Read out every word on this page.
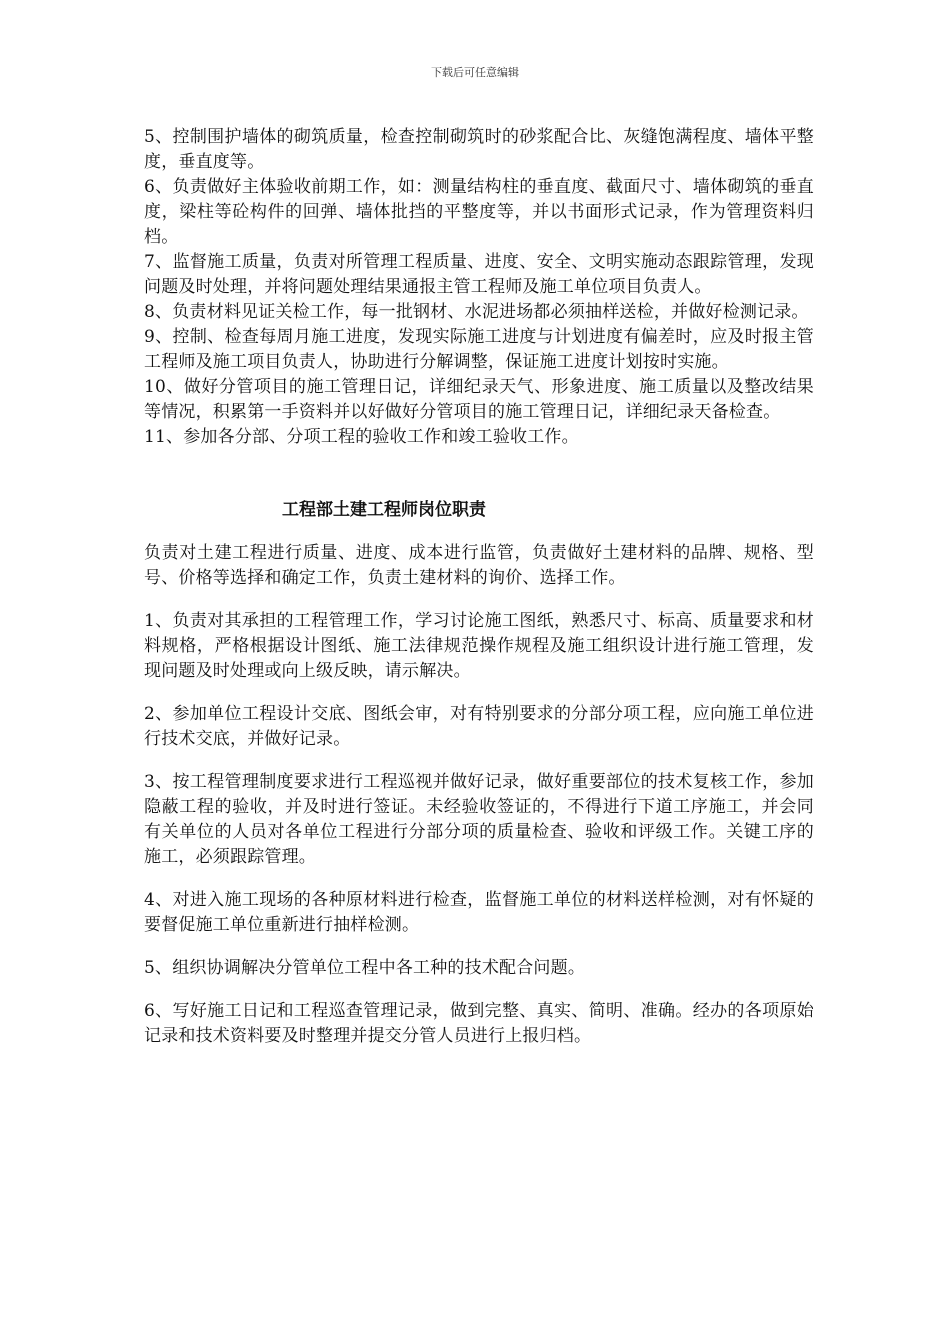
下载后可任意编辑

5、控制围护墙体的砌筑质量，检查控制砌筑时的砂浆配合比、灰缝饱满程度、墙体平整度，垂直度等。

6、负责做好主体验收前期工作，如：测量结构柱的垂直度、截面尺寸、墙体砌筑的垂直度，梁柱等砼构件的回弹、墙体批挡的平整度等，并以书面形式记录，作为管理资料归档。

7、监督施工质量，负责对所管理工程质量、进度、安全、文明实施动态跟踪管理，发现问题及时处理，并将问题处理结果通报主管工程师及施工单位项目负责人。

8、负责材料见证关检工作，每一批钢材、水泥进场都必须抽样送检，并做好检测记录。

9、控制、检查每周月施工进度，发现实际施工进度与计划进度有偏差时，应及时报主管工程师及施工项目负责人，协助进行分解调整，保证施工进度计划按时实施。

10、做好分管项目的施工管理日记，详细纪录天气、形象进度、施工质量以及整改结果等情况，积累第一手资料并以好做好分管项目的施工管理日记，详细纪录天备检查。

11、参加各分部、分项工程的验收工作和竣工验收工作。

工程部土建工程师岗位职责

负责对土建工程进行质量、进度、成本进行监管，负责做好土建材料的品牌、规格、型号、价格等选择和确定工作，负责土建材料的询价、选择工作。

1、负责对其承担的工程管理工作，学习讨论施工图纸，熟悉尺寸、标高、质量要求和材料规格，严格根据设计图纸、施工法律规范操作规程及施工组织设计进行施工管理，发现问题及时处理或向上级反映，请示解决。

2、参加单位工程设计交底、图纸会审，对有特别要求的分部分项工程，应向施工单位进行技术交底，并做好记录。

3、按工程管理制度要求进行工程巡视并做好记录，做好重要部位的技术复核工作，参加隐蔽工程的验收，并及时进行签证。未经验收签证的，不得进行下道工序施工，并会同有关单位的人员对各单位工程进行分部分项的质量检查、验收和评级工作。关键工序的施工，必须跟踪管理。

4、对进入施工现场的各种原材料进行检查，监督施工单位的材料送样检测，对有怀疑的要督促施工单位重新进行抽样检测。

5、组织协调解决分管单位工程中各工种的技术配合问题。

6、写好施工日记和工程巡查管理记录，做到完整、真实、简明、准确。经办的各项原始记录和技术资料要及时整理并提交分管人员进行上报归档。
